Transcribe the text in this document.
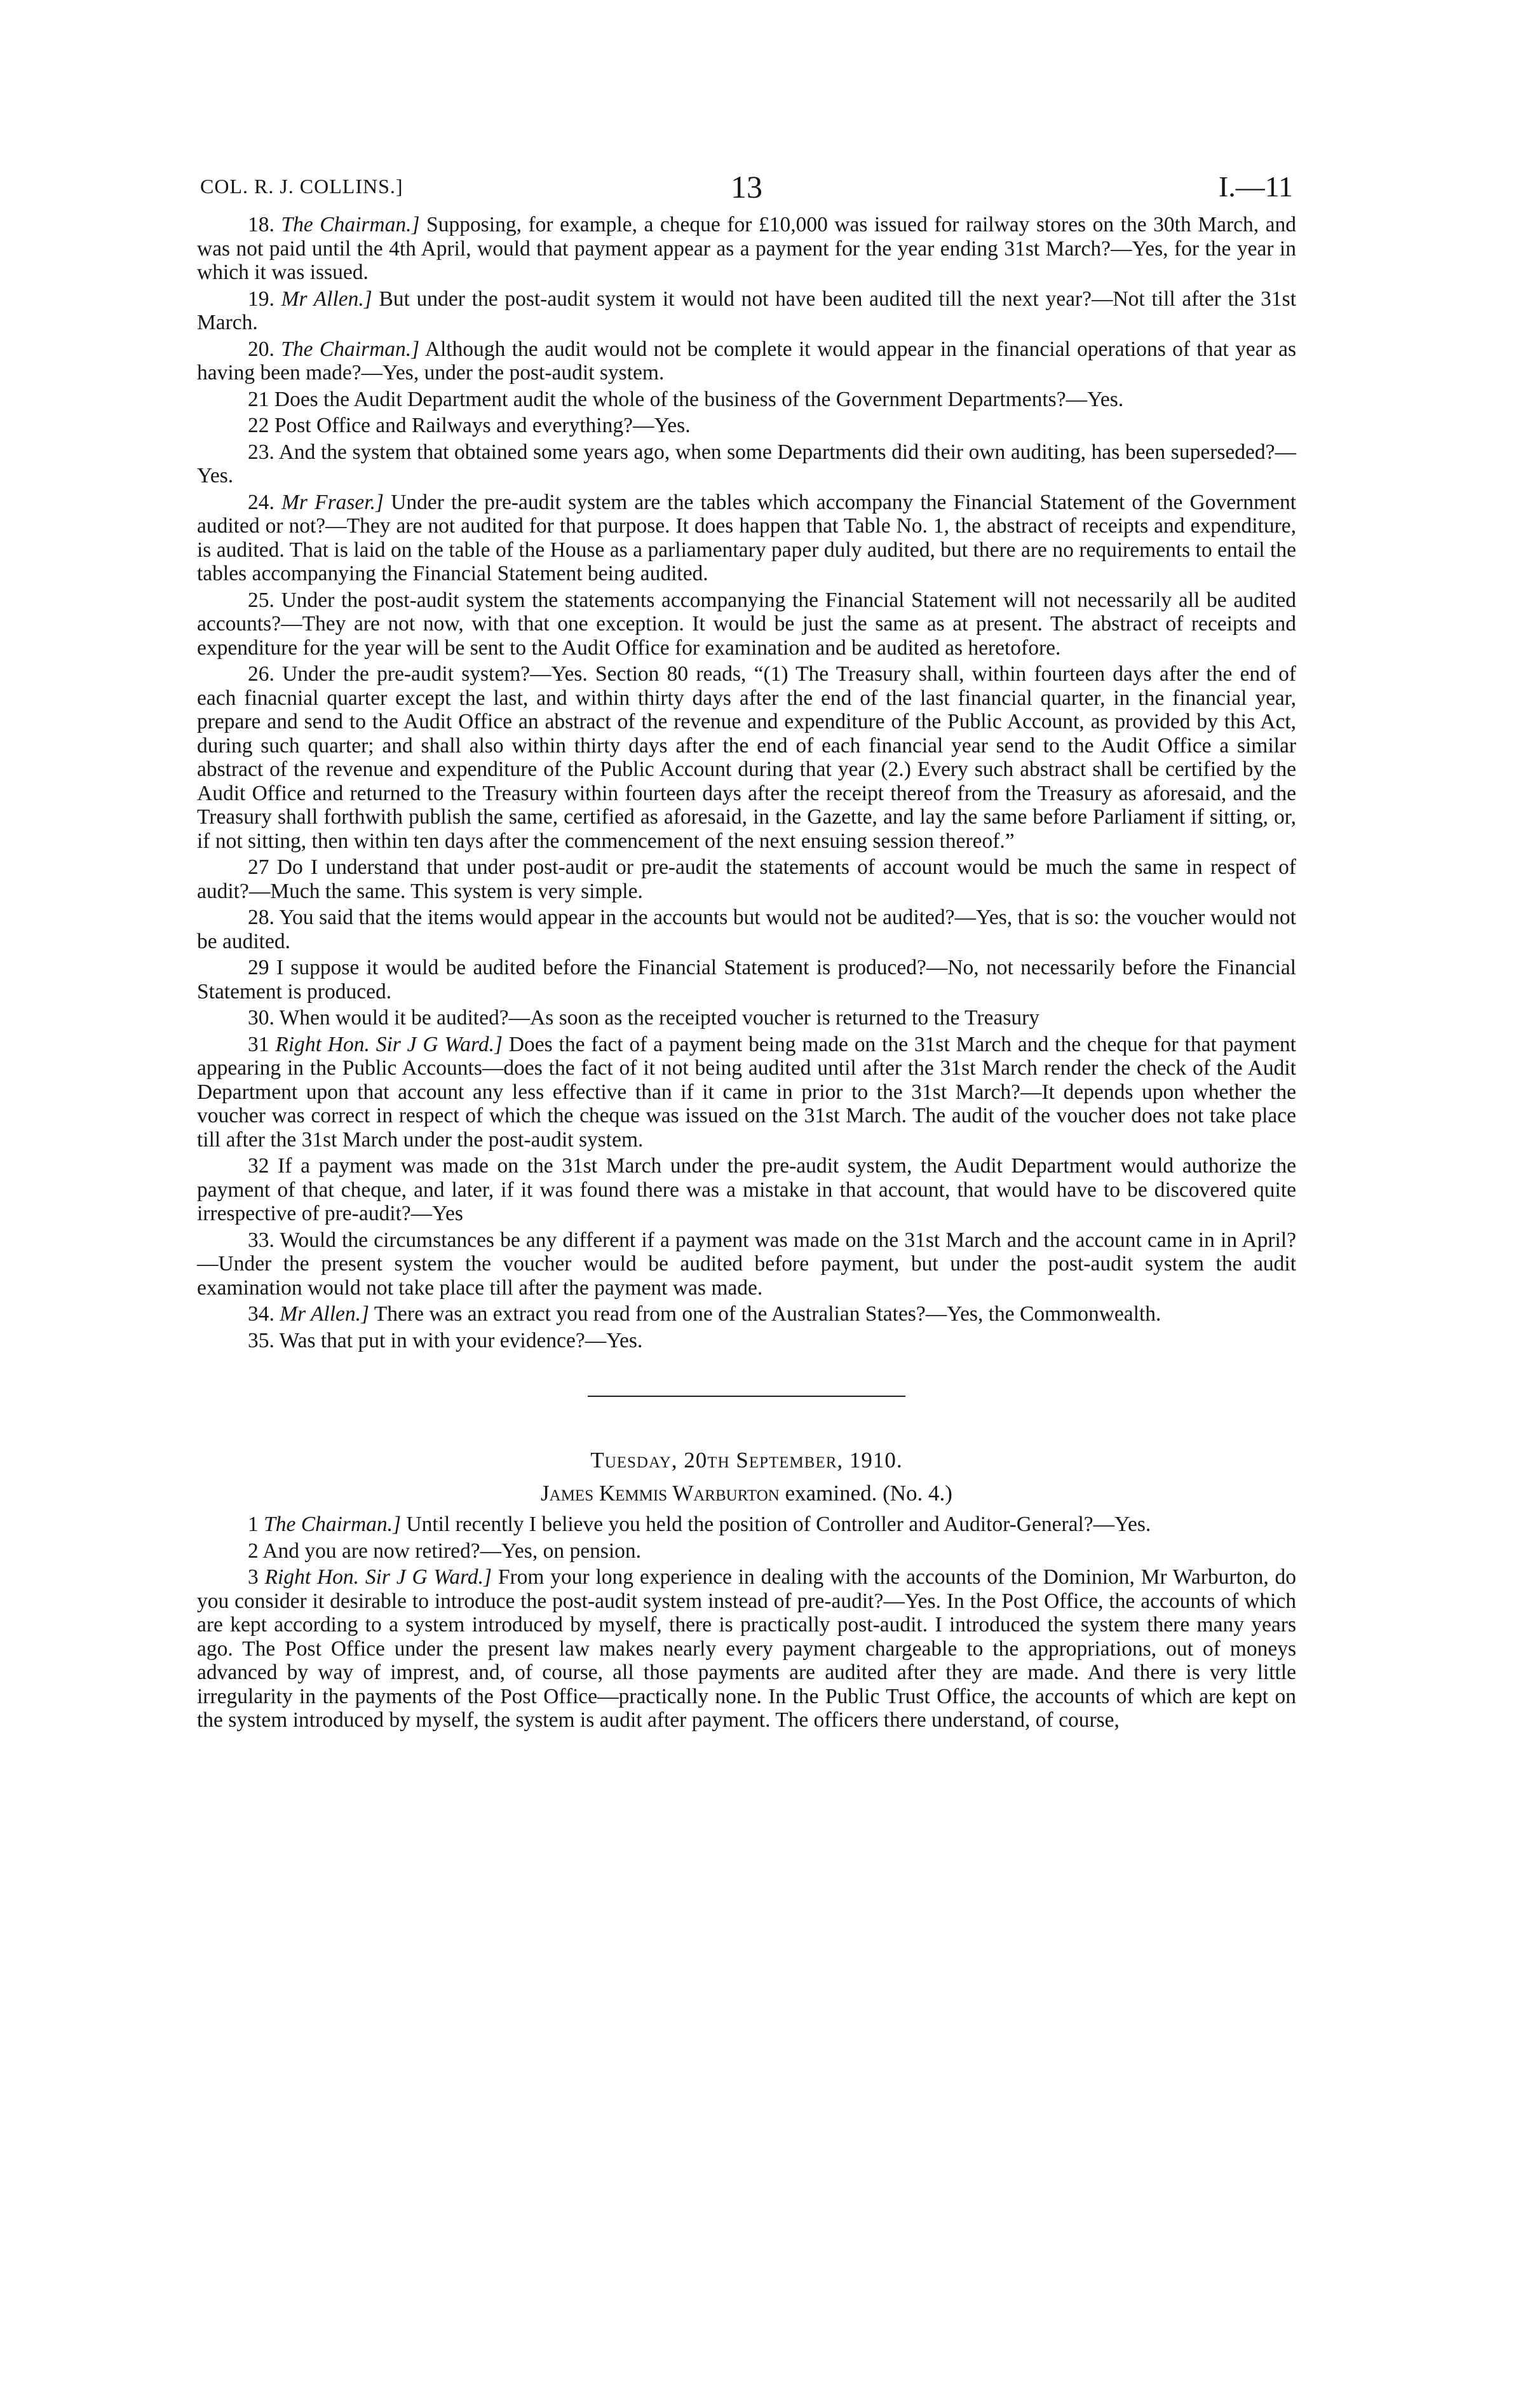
COL. R. J. COLLINS.]	13	I.—11

18. The Chairman.] Supposing, for example, a cheque for £10,000 was issued for railway stores on the 30th March, and was not paid until the 4th April, would that payment appear as a payment for the year ending 31st March?—Yes, for the year in which it was issued.

19. Mr Allen.] But under the post-audit system it would not have been audited till the next year?—Not till after the 31st March.

20. The Chairman.] Although the audit would not be complete it would appear in the financial operations of that year as having been made?—Yes, under the post-audit system.

21 Does the Audit Department audit the whole of the business of the Government Departments?—Yes.

22 Post Office and Railways and everything?—Yes.

23. And the system that obtained some years ago, when some Departments did their own auditing, has been superseded?—Yes.

24. Mr Fraser.] Under the pre-audit system are the tables which accompany the Financial Statement of the Government audited or not?—They are not audited for that purpose. It does happen that Table No. 1, the abstract of receipts and expenditure, is audited. That is laid on the table of the House as a parliamentary paper duly audited, but there are no requirements to entail the tables accompanying the Financial Statement being audited.

25. Under the post-audit system the statements accompanying the Financial Statement will not necessarily all be audited accounts?—They are not now, with that one exception. It would be just the same as at present. The abstract of receipts and expenditure for the year will be sent to the Audit Office for examination and be audited as heretofore.

26. Under the pre-audit system?—Yes. Section 80 reads, “(1) The Treasury shall, within fourteen days after the end of each finacnial quarter except the last, and within thirty days after the end of the last financial quarter, in the financial year, prepare and send to the Audit Office an abstract of the revenue and expenditure of the Public Account, as provided by this Act, during such quarter; and shall also within thirty days after the end of each financial year send to the Audit Office a similar abstract of the revenue and expenditure of the Public Account during that year (2.) Every such abstract shall be certified by the Audit Office and returned to the Treasury within fourteen days after the receipt thereof from the Treasury as aforesaid, and the Treasury shall forthwith publish the same, certified as aforesaid, in the Gazette, and lay the same before Parliament if sitting, or, if not sitting, then within ten days after the commencement of the next ensuing session thereof.”

27 Do I understand that under post-audit or pre-audit the statements of account would be much the same in respect of audit?—Much the same. This system is very simple.

28. You said that the items would appear in the accounts but would not be audited?—Yes, that is so: the voucher would not be audited.

29 I suppose it would be audited before the Financial Statement is produced?—No, not necessarily before the Financial Statement is produced.

30. When would it be audited?—As soon as the receipted voucher is returned to the Treasury

31 Right Hon. Sir J G Ward.] Does the fact of a payment being made on the 31st March and the cheque for that payment appearing in the Public Accounts—does the fact of it not being audited until after the 31st March render the check of the Audit Department upon that account any less effective than if it came in prior to the 31st March?—It depends upon whether the voucher was correct in respect of which the cheque was issued on the 31st March. The audit of the voucher does not take place till after the 31st March under the post-audit system.

32 If a payment was made on the 31st March under the pre-audit system, the Audit Department would authorize the payment of that cheque, and later, if it was found there was a mistake in that account, that would have to be discovered quite irrespective of pre-audit?—Yes

33. Would the circumstances be any different if a payment was made on the 31st March and the account came in in April?—Under the present system the voucher would be audited before payment, but under the post-audit system the audit examination would not take place till after the payment was made.

34. Mr Allen.] There was an extract you read from one of the Australian States?—Yes, the Commonwealth.

35. Was that put in with your evidence?—Yes.

Tuesday, 20th September, 1910.
James Kemmis Warburton examined. (No. 4.)

1 The Chairman.] Until recently I believe you held the position of Controller and Auditor-General?—Yes.

2 And you are now retired?—Yes, on pension.

3 Right Hon. Sir J G Ward.] From your long experience in dealing with the accounts of the Dominion, Mr Warburton, do you consider it desirable to introduce the post-audit system instead of pre-audit?—Yes. In the Post Office, the accounts of which are kept according to a system introduced by myself, there is practically post-audit. I introduced the system there many years ago. The Post Office under the present law makes nearly every payment chargeable to the appropriations, out of moneys advanced by way of imprest, and, of course, all those payments are audited after they are made. And there is very little irregularity in the payments of the Post Office—practically none. In the Public Trust Office, the accounts of which are kept on the system introduced by myself, the system is audit after payment. The officers there understand, of course,
